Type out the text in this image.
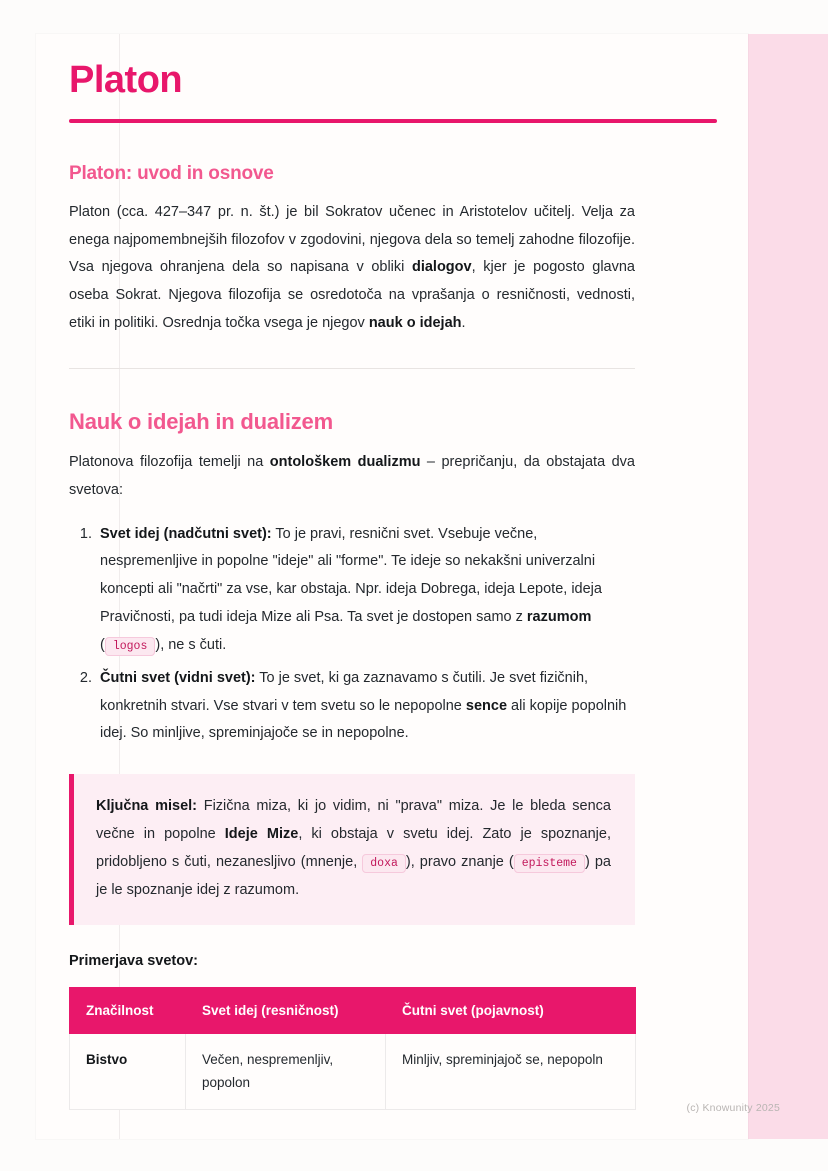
Platon
Platon: uvod in osnove

Platon (cca. 427–347 pr. n. št.) je bil Sokratov učenec in Aristotelov učitelj. Velja za enega najpomembnejših filozofov v zgodovini, njegova dela so temelj zahodne filozofije. Vsa njegova ohranjena dela so napisana v obliki dialogov, kjer je pogosto glavna oseba Sokrat. Njegova filozofija se osredotoča na vprašanja o resničnosti, vednosti, etiki in politiki. Osrednja točka vsega je njegov nauk o idejah.

Nauk o idejah in dualizem

Platonova filozofija temelji na ontološkem dualizmu – prepričanju, da obstajata dva svetova:

1. Svet idej (nadčutni svet): To je pravi, resnični svet. Vsebuje večne, nespremenljive in popolne "ideje" ali "forme". Te ideje so nekakšni univerzalni koncepti ali "načrti" za vse, kar obstaja. Npr. ideja Dobrega, ideja Lepote, ideja Pravičnosti, pa tudi ideja Mize ali Psa. Ta svet je dostopen samo z razumom ( logos ), ne s čuti.
2. Čutni svet (vidni svet): To je svet, ki ga zaznavamo s čutili. Je svet fizičnih, konkretnih stvari. Vse stvari v tem svetu so le nepopolne sence ali kopije popolnih idej. So minljive, spreminjajoče se in nepopolne.
Ključna misel: Fizična miza, ki jo vidim, ni "prava" miza. Je le bleda senca večne in popolne Ideje Mize, ki obstaja v svetu idej. Zato je spoznanje, pridobljeno s čuti, nezanesljivo (mnenje, doxa ), pravo znanje ( episteme ) pa je le spoznanje idej z razumom.
Primerjava svetov:
Značilnost	Svet idej (resničnost)	Čutni svet (pojavnost)
Bistvo	Večen, nespremenljiv, popolon	Minljiv, spreminjajoč se, nepopoln
(c) Knowunity 2025
